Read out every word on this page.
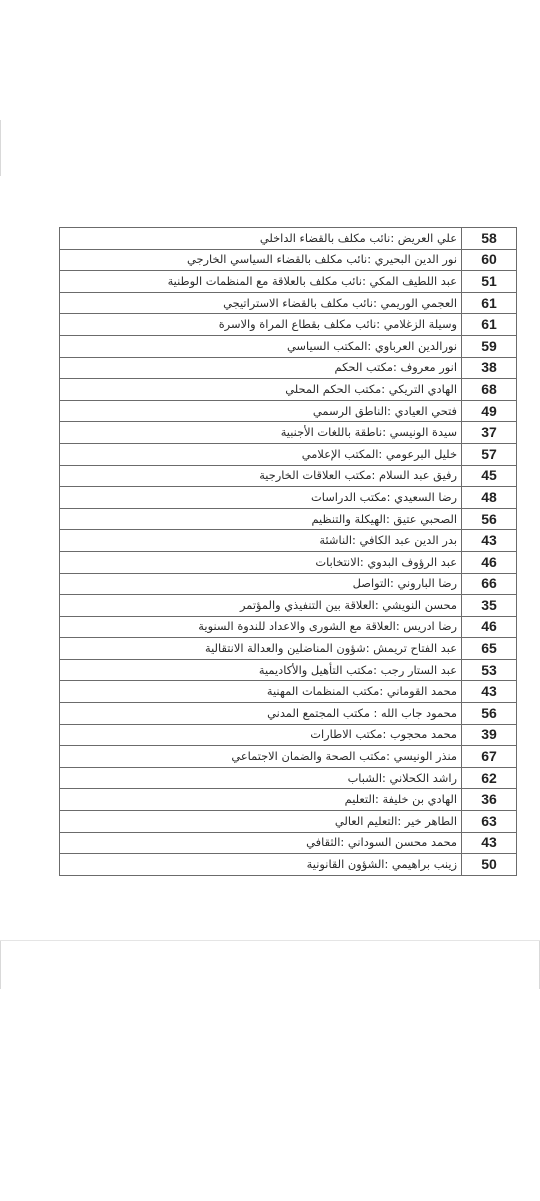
58	علي العريض :نائب مكلف بالقضاء الداخلي
60	نور الدين البحيري :نائب مكلف بالقضاء السياسي الخارجي
51	عبد اللطيف المكي :نائب مكلف بالعلاقة مع المنظمات الوطنية
61	العجمي الوريمي :نائب مكلف بالقضاء الاستراتيجي
61	وسيلة الزغلامي :نائب مكلف بقطاع المراة والاسرة
59	نورالدين العرباوي :المكتب السياسي
38	انور معروف :مكتب الحكم
68	الهادي التريكي :مكتب الحكم المحلي
49	فتحي العيادي :الناطق الرسمي
37	سيدة الونيسي :ناطقة باللغات الأجنبية
57	خليل البرعومي :المكتب الإعلامي
45	رفيق عبد السلام :مكتب العلاقات الخارجية
48	رضا السعيدي :مكتب الدراسات
56	الصحبي عتيق :الهيكلة والتنظيم
43	بدر الدين عبد الكافي :الناشئة
46	عبد الرؤوف البدوي :الانتخابات
66	رضا الباروني :التواصل
35	محسن النويشي :العلاقة بين التنفيذي والمؤتمر
46	رضا ادريس :العلاقة مع الشورى والاعداد للندوة السنوية
65	عبد الفتاح تريمش :شؤون المناضلين والعدالة الانتقالية
53	عبد الستار رجب :مكتب التأهيل والأكاديمية
43	محمد القوماني :مكتب المنظمات المهنية
56	محمود جاب الله : مكتب المجتمع المدني
39	محمد محجوب :مكتب الاطارات
67	منذر الونيسي :مكتب الصحة والضمان الاجتماعي
62	راشد الكحلاني :الشباب
36	الهادي بن خليفة :التعليم
63	الطاهر خير :التعليم العالي
43	محمد محسن السوداني :الثقافي
50	زينب براهيمي :الشؤون القانونية
